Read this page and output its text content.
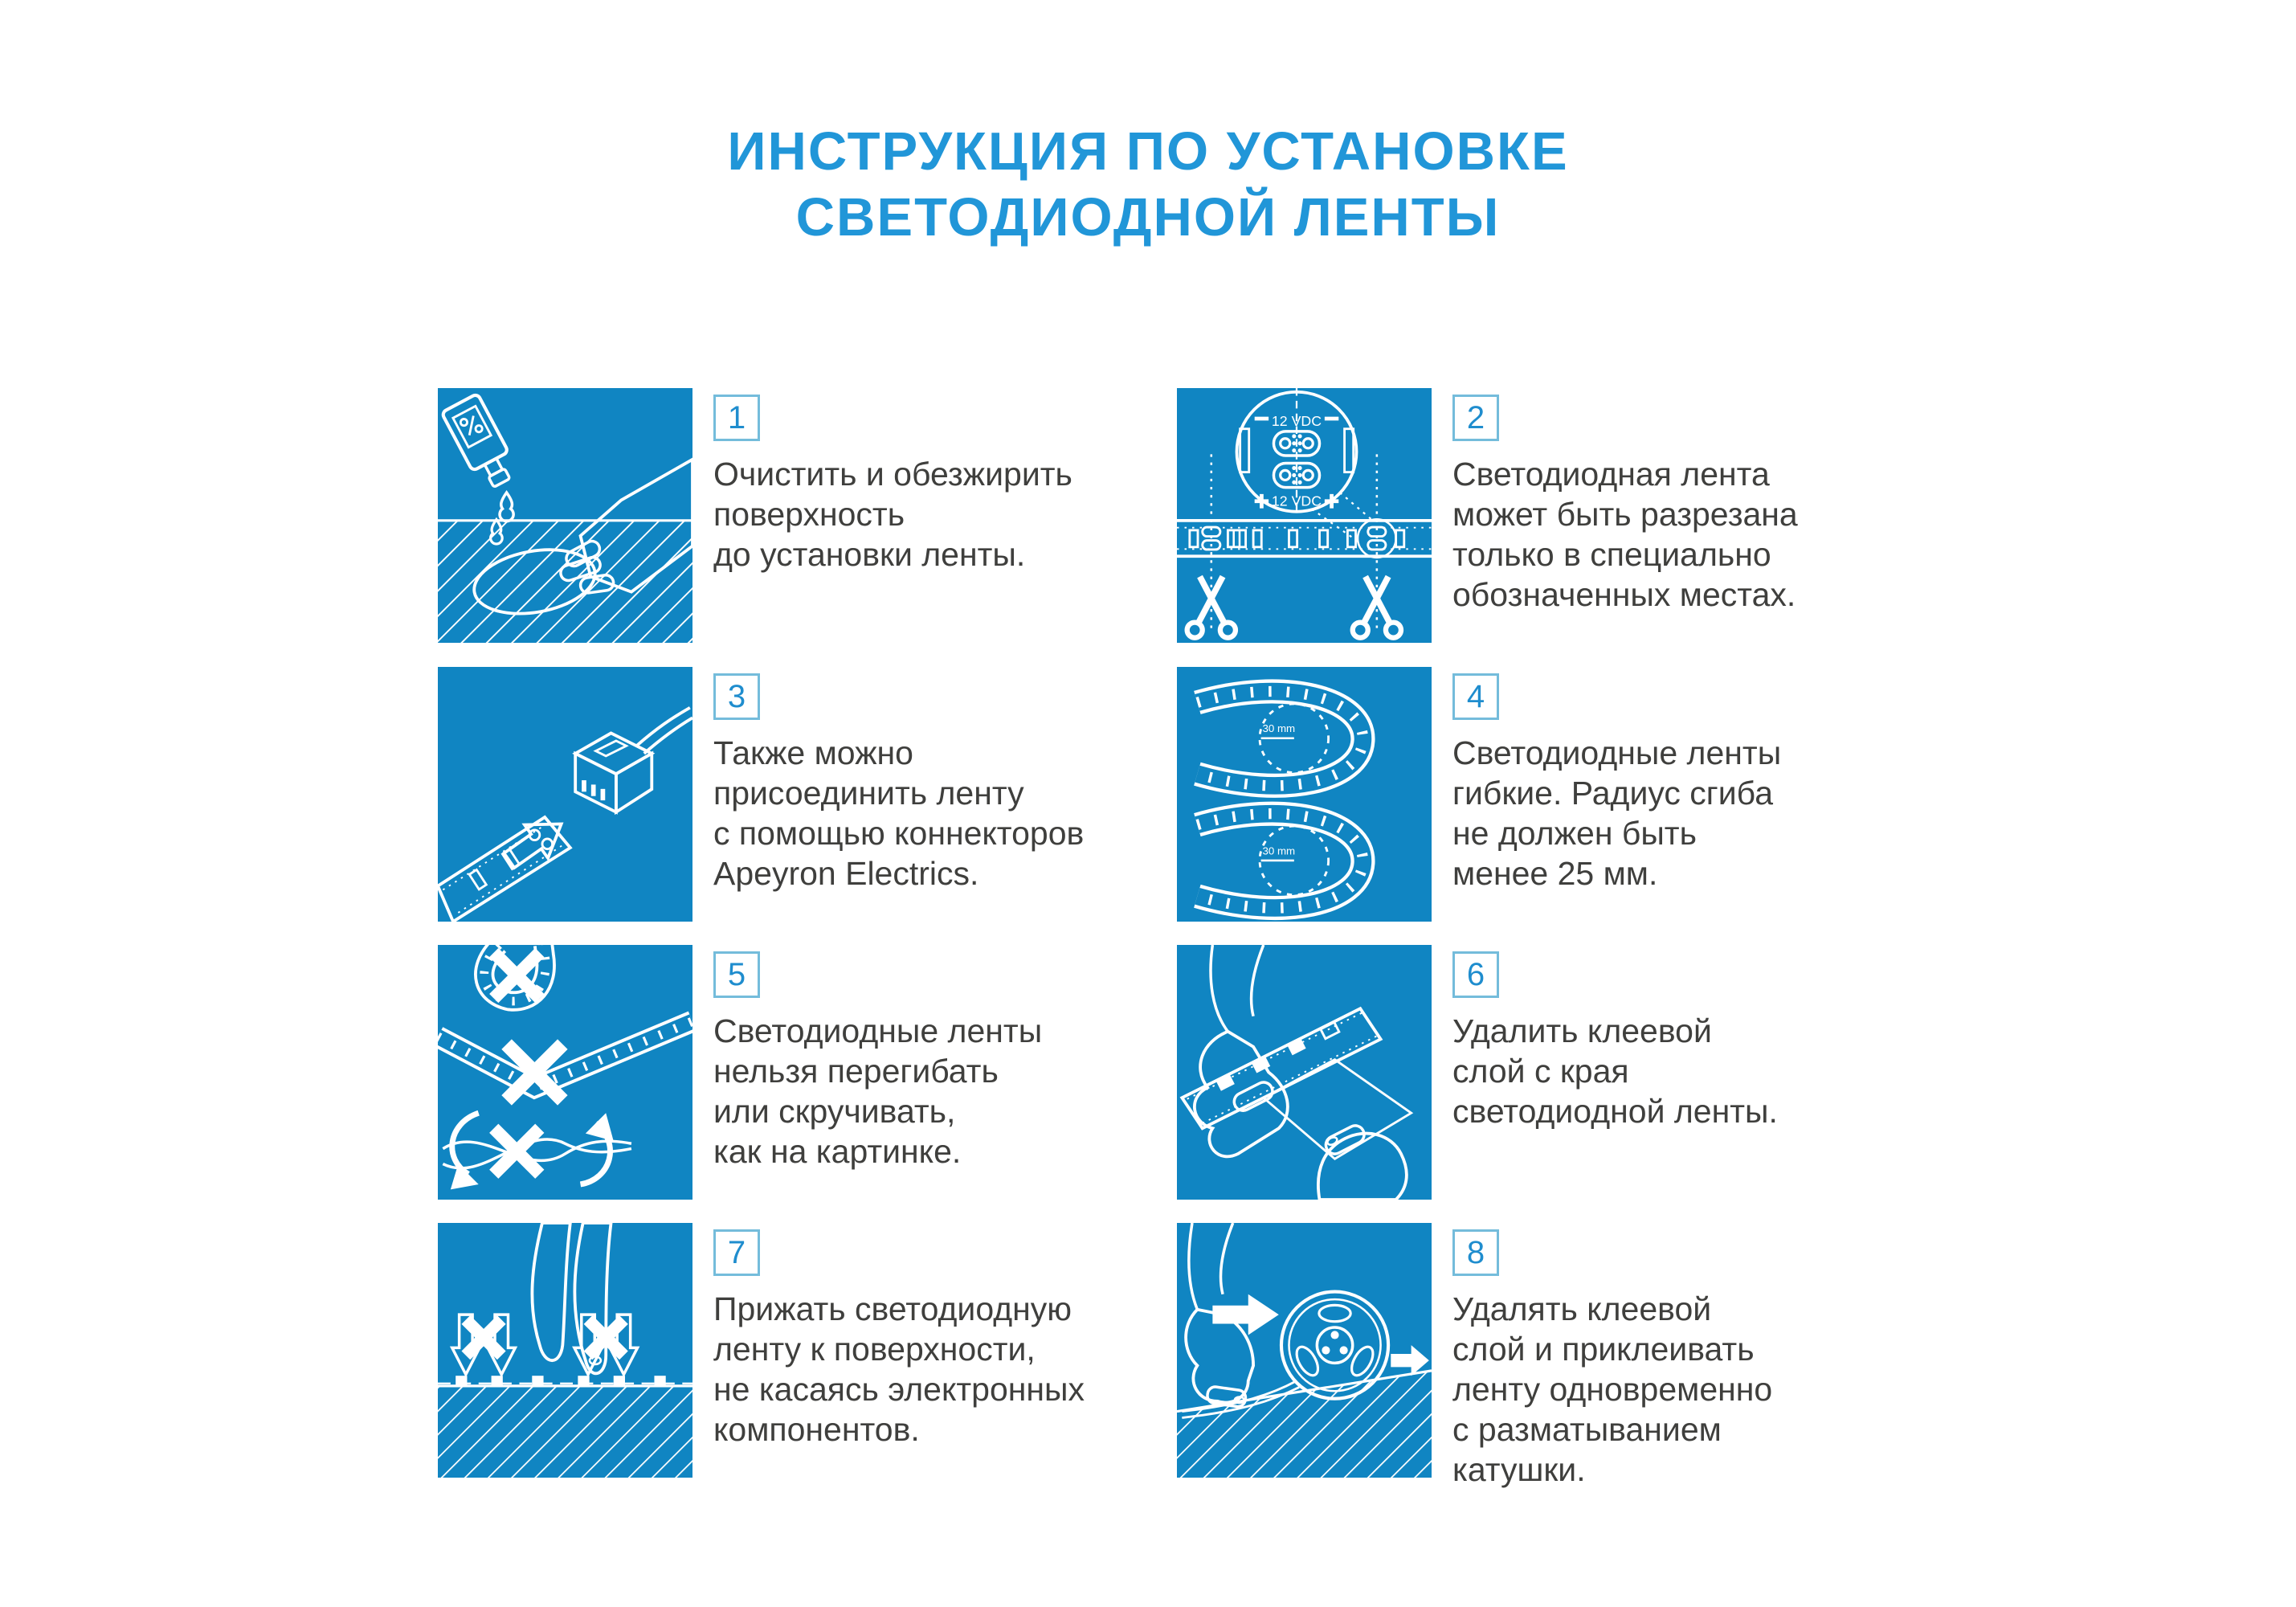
ИНСТРУКЦИЯ ПО УСТАНОВКЕ
СВЕТОДИОДНОЙ ЛЕНТЫ
1
Очистить и обезжирить
поверхность
до установки ленты.
12 VDC
12 VDC
2
Светодиодная лента
может быть разрезана
только в специально
обозначенных местах.
3
Также можно
присоединить ленту
с помощью коннекторов
Apeyron Electrics.
30 mm
30 mm
4
Светодиодные ленты
гибкие. Радиус сгиба
не должен быть
менее 25 мм.
5
Светодиодные ленты
нельзя перегибать
или скручивать,
как на картинке.
6
Удалить клеевой
слой с края
светодиодной ленты.
7
Прижать светодиодную
ленту к поверхности,
не касаясь электронных
компонентов.
8
Удалять клеевой
слой и приклеивать
ленту одновременно
с разматыванием
катушки.
